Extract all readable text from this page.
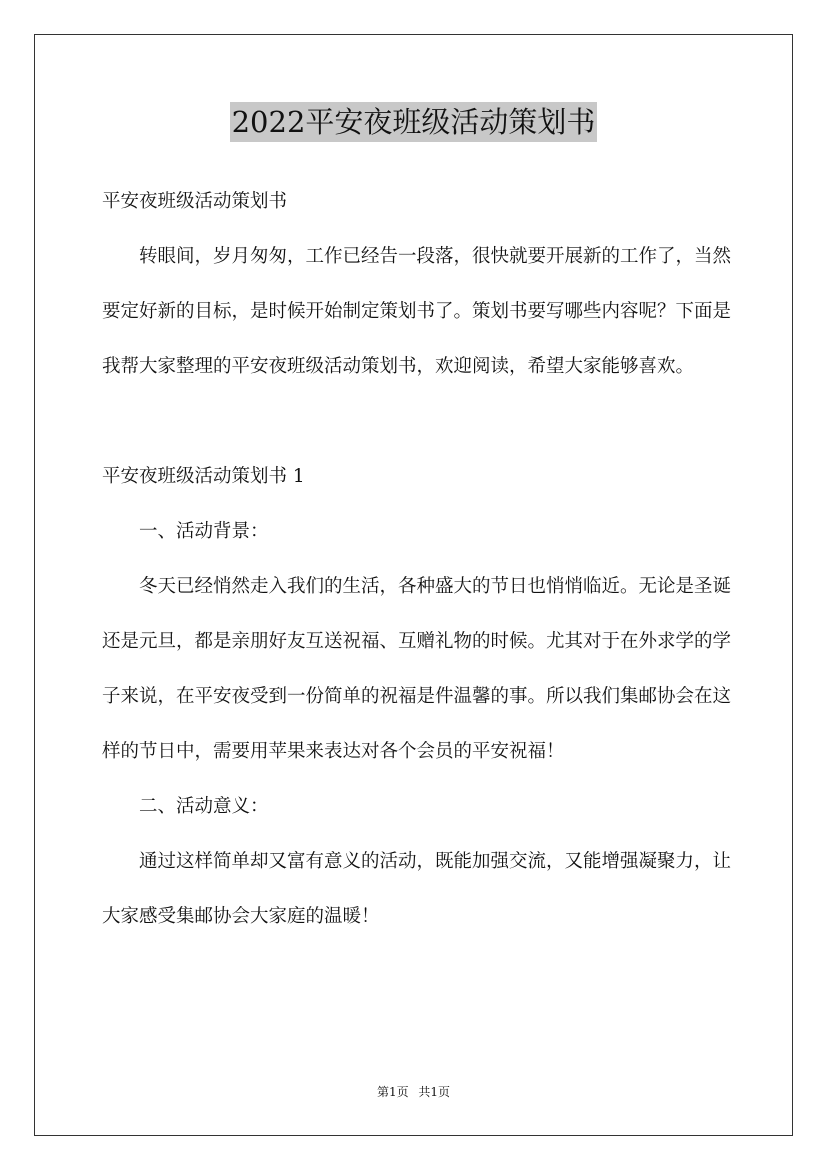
2022平安夜班级活动策划书

平安夜班级活动策划书

转眼间，岁月匆匆，工作已经告一段落，很快就要开展新的工作了，当然要定好新的目标，是时候开始制定策划书了。策划书要写哪些内容呢？下面是我帮大家整理的平安夜班级活动策划书，欢迎阅读，希望大家能够喜欢。

平安夜班级活动策划书 1

一、活动背景：

冬天已经悄然走入我们的生活，各种盛大的节日也悄悄临近。无论是圣诞还是元旦，都是亲朋好友互送祝福、互赠礼物的时候。尤其对于在外求学的学子来说，在平安夜受到一份简单的祝福是件温馨的事。所以我们集邮协会在这样的节日中，需要用苹果来表达对各个会员的平安祝福！

二、活动意义：

通过这样简单却又富有意义的活动，既能加强交流，又能增强凝聚力，让大家感受集邮协会大家庭的温暖！

第1页 共1页
